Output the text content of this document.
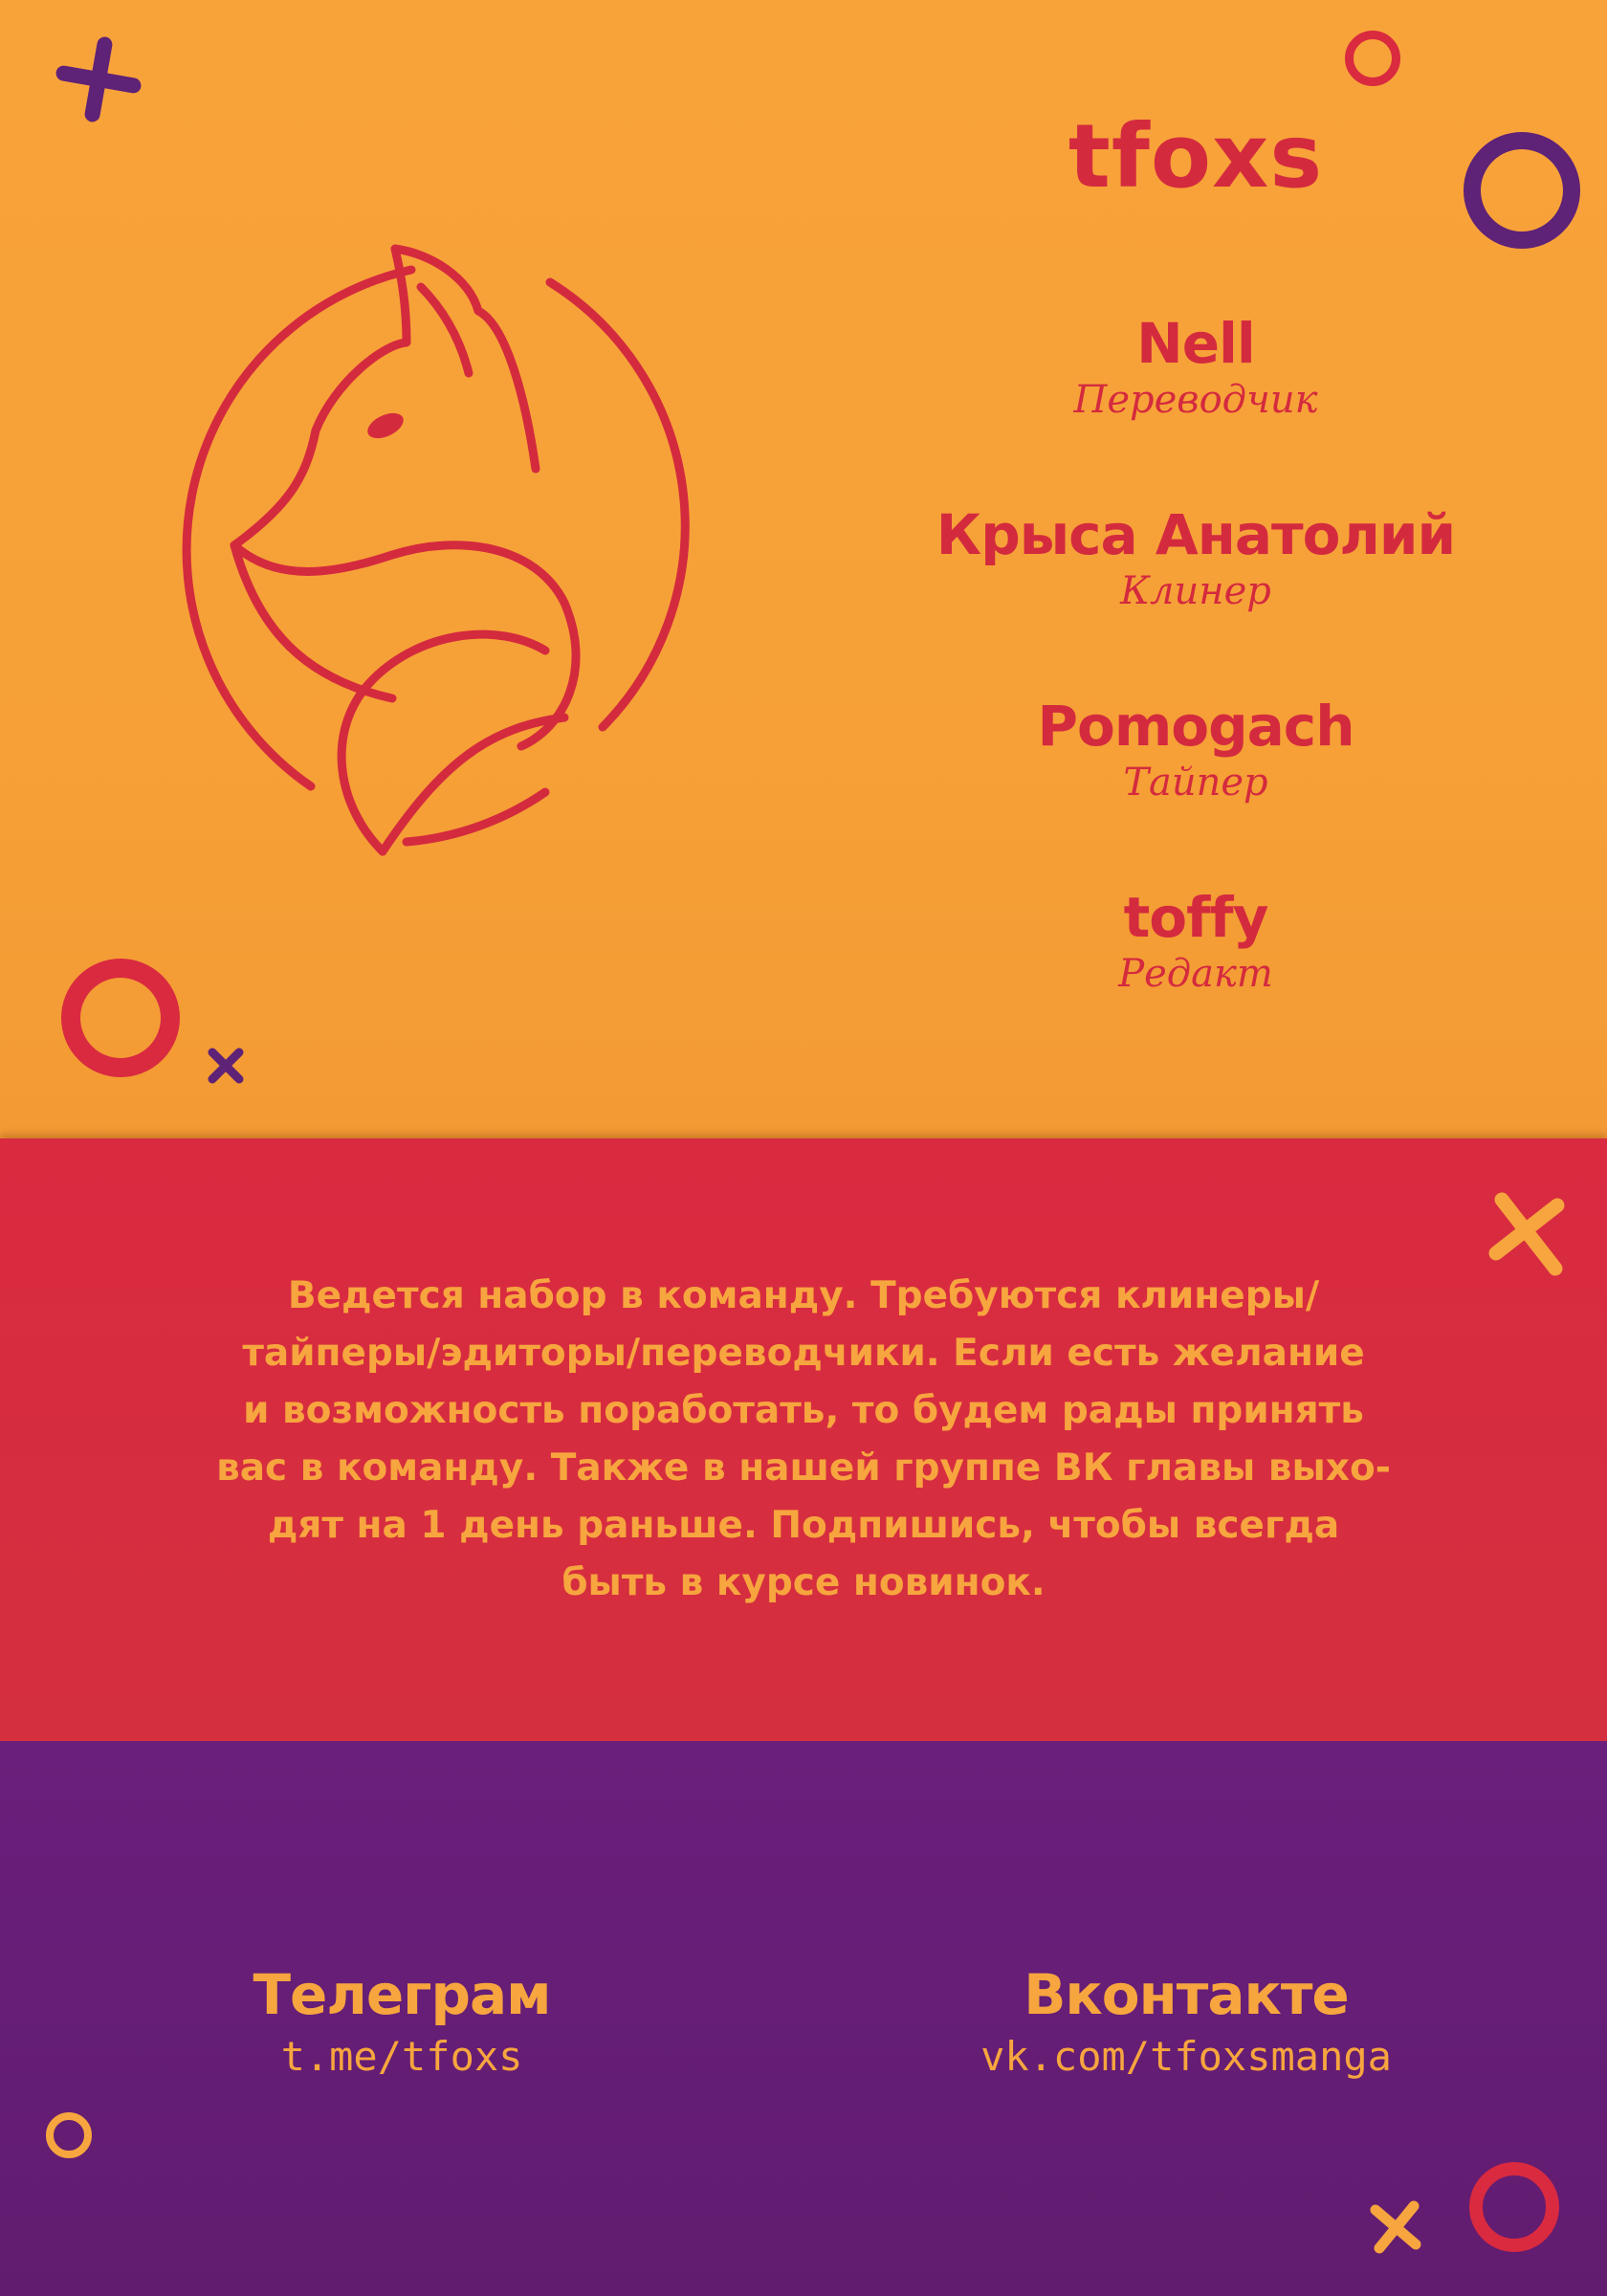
tfoxs
Nell
Переводчик
Крыса Анатолий
Клинер
Pomogach
Тайпер
toffy
Редакт

Ведется набор в команду. Требуются клинеры/
тайперы/эдиторы/переводчики. Если есть желание
и возможность поработать, то будем рады принять
вас в команду. Также в нашей группе ВК главы выхо-
дят на 1 день раньше. Подпишись, чтобы всегда
быть в курсе новинок.

Телеграм
t.me/tfoxs
Вконтакте
vk.com/tfoxsmanga
